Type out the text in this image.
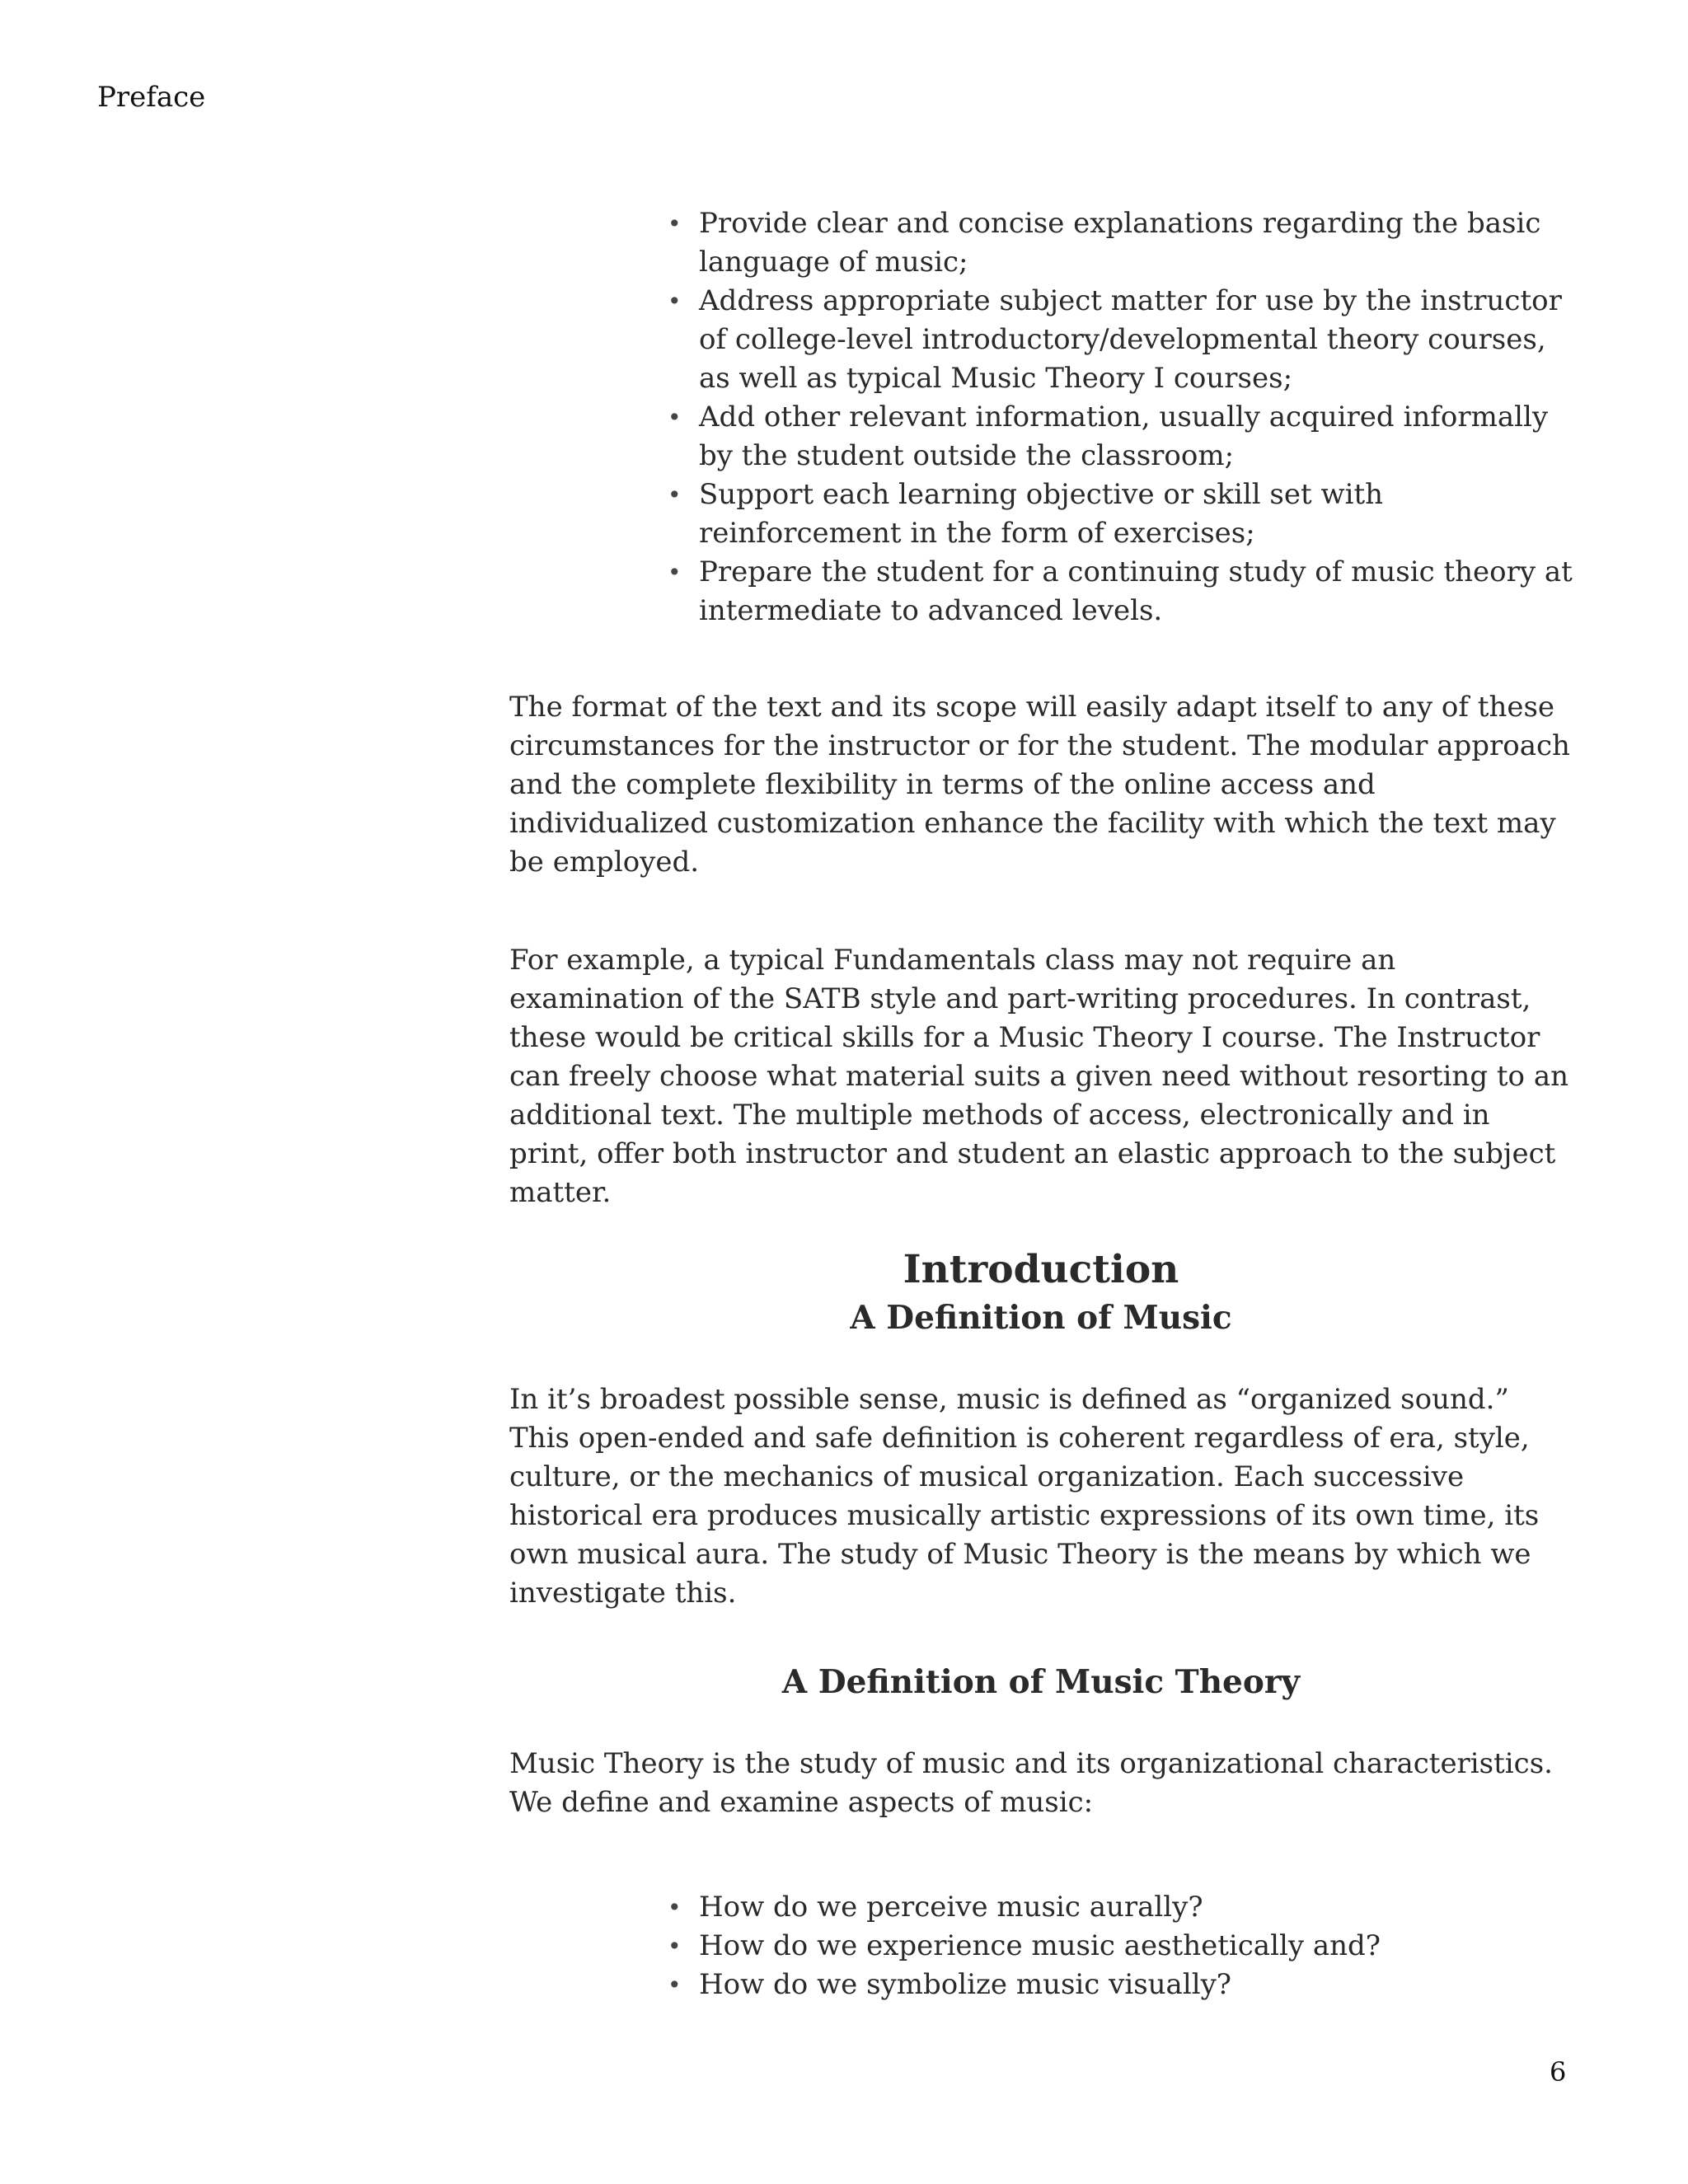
Preface
• Provide clear and concise explanations regarding the basic language of music;
• Address appropriate subject matter for use by the instructor of college-level introductory/developmental theory courses, as well as typical Music Theory I courses;
• Add other relevant information, usually acquired informally by the student outside the classroom;
• Support each learning objective or skill set with reinforcement in the form of exercises;
• Prepare the student for a continuing study of music theory at intermediate to advanced levels.

The format of the text and its scope will easily adapt itself to any of these circumstances for the instructor or for the student. The modular approach and the complete flexibility in terms of the online access and individualized customization enhance the facility with which the text may be employed.

For example, a typical Fundamentals class may not require an examination of the SATB style and part-writing procedures. In contrast, these would be critical skills for a Music Theory I course. The Instructor can freely choose what material suits a given need without resorting to an additional text. The multiple methods of access, electronically and in print, offer both instructor and student an elastic approach to the subject matter.

Introduction
A Definition of Music

In it’s broadest possible sense, music is defined as “organized sound.” This open-ended and safe definition is coherent regardless of era, style, culture, or the mechanics of musical organization. Each successive historical era produces musically artistic expressions of its own time, its own musical aura. The study of Music Theory is the means by which we investigate this.

A Definition of Music Theory

Music Theory is the study of music and its organizational characteristics. We define and examine aspects of music:

• How do we perceive music aurally?
• How do we experience music aesthetically and?
• How do we symbolize music visually?
6
